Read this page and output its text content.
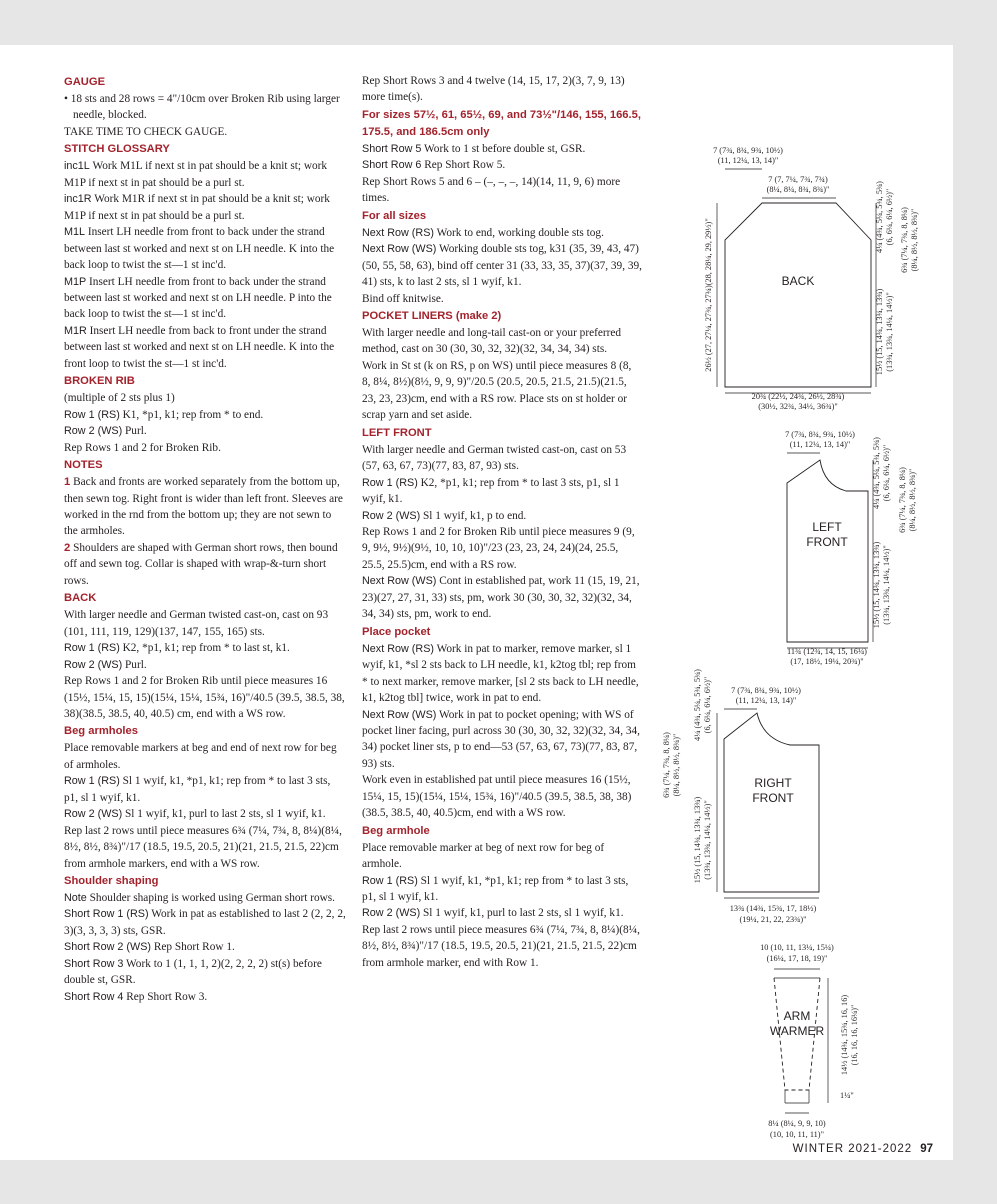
GAUGE

• 18 sts and 28 rows = 4"/10cm over Broken Rib using larger needle, blocked.

TAKE TIME TO CHECK GAUGE.

STITCH GLOSSARY

inc1L Work M1L if next st in pat should be a knit st; work M1P if next st in pat should be a purl st.

inc1R Work M1R if next st in pat should be a knit st; work M1P if next st in pat should be a purl st.

M1L Insert LH needle from front to back under the strand between last st worked and next st on LH needle. K into the back loop to twist the st—1 st inc'd.

M1P Insert LH needle from front to back under the strand between last st worked and next st on LH needle. P into the back loop to twist the st—1 st inc'd.

M1R Insert LH needle from back to front under the strand between last st worked and next st on LH needle. K into the front loop to twist the st—1 st inc'd.

BROKEN RIB

(multiple of 2 sts plus 1)

Row 1 (RS) K1, *p1, k1; rep from * to end.

Row 2 (WS) Purl.

Rep Rows 1 and 2 for Broken Rib.

NOTES

1 Back and fronts are worked separately from the bottom up, then sewn tog. Right front is wider than left front. Sleeves are worked in the rnd from the bottom up; they are not sewn to the armholes.

2 Shoulders are shaped with German short rows, then bound off and sewn tog. Collar is shaped with wrap-&-turn short rows.

BACK

With larger needle and German twisted cast-on, cast on 93 (101, 111, 119, 129)(137, 147, 155, 165) sts.

Row 1 (RS) K2, *p1, k1; rep from * to last st, k1.

Row 2 (WS) Purl.

Rep Rows 1 and 2 for Broken Rib until piece measures 16 (15½, 15¼, 15, 15)(15¼, 15¼, 15¾, 16)"/40.5 (39.5, 38.5, 38, 38)(38.5, 38.5, 40, 40.5) cm, end with a WS row.

Beg armholes

Place removable markers at beg and end of next row for beg of armholes.

Row 1 (RS) Sl 1 wyif, k1, *p1, k1; rep from * to last 3 sts, p1, sl 1 wyif, k1.

Row 2 (WS) Sl 1 wyif, k1, purl to last 2 sts, sl 1 wyif, k1.

Rep last 2 rows until piece measures 6¾ (7¼, 7¾, 8, 8¼)(8¼, 8½, 8½, 8¾)"/17 (18.5, 19.5, 20.5, 21)(21, 21.5, 21.5, 22)cm from armhole markers, end with a WS row.

Shoulder shaping

Note Shoulder shaping is worked using German short rows.

Short Row 1 (RS) Work in pat as established to last 2 (2, 2, 2, 3)(3, 3, 3, 3) sts, GSR.

Short Row 2 (WS) Rep Short Row 1.

Short Row 3 Work to 1 (1, 1, 1, 2)(2, 2, 2, 2) st(s) before double st, GSR.

Short Row 4 Rep Short Row 3.

Rep Short Rows 3 and 4 twelve (14, 15, 17, 2)(3, 7, 9, 13) more time(s).

For sizes 57½, 61, 65½, 69, and 73½"/146, 155, 166.5, 175.5, and 186.5cm only

Short Row 5 Work to 1 st before double st, GSR.

Short Row 6 Rep Short Row 5.

Rep Short Rows 5 and 6 – (–, –, –, 14)(14, 11, 9, 6) more times.

For all sizes

Next Row (RS) Work to end, working double sts tog.

Next Row (WS) Working double sts tog, k31 (35, 39, 43, 47)(50, 55, 58, 63), bind off center 31 (33, 33, 35, 37)(37, 39, 39, 41) sts, k to last 2 sts, sl 1 wyif, k1.

Bind off knitwise.

POCKET LINERS (make 2)

With larger needle and long-tail cast-on or your preferred method, cast on 30 (30, 30, 32, 32)(32, 34, 34, 34) sts.

Work in St st (k on RS, p on WS) until piece measures 8 (8, 8, 8¼, 8½)(8½, 9, 9, 9)"/20.5 (20.5, 20.5, 21.5, 21.5)(21.5, 23, 23, 23)cm, end with a RS row. Place sts on st holder or scrap yarn and set aside.

LEFT FRONT

With larger needle and German twisted cast-on, cast on 53 (57, 63, 67, 73)(77, 83, 87, 93) sts.

Row 1 (RS) K2, *p1, k1; rep from * to last 3 sts, p1, sl 1 wyif, k1.

Row 2 (WS) Sl 1 wyif, k1, p to end.

Rep Rows 1 and 2 for Broken Rib until piece measures 9 (9, 9, 9½, 9½)(9½, 10, 10, 10)"/23 (23, 23, 24, 24)(24, 25.5, 25.5, 25.5)cm, end with a RS row.

Next Row (WS) Cont in established pat, work 11 (15, 19, 21, 23)(27, 27, 31, 33) sts, pm, work 30 (30, 30, 32, 32)(32, 34, 34, 34) sts, pm, work to end.

Place pocket

Next Row (RS) Work in pat to marker, remove marker, sl 1 wyif, k1, *sl 2 sts back to LH needle, k1, k2tog tbl; rep from * to next marker, remove marker, [sl 2 sts back to LH needle, k1, k2tog tbl] twice, work in pat to end.

Next Row (WS) Work in pat to pocket opening; with WS of pocket liner facing, purl across 30 (30, 30, 32, 32)(32, 34, 34, 34) pocket liner sts, p to end—53 (57, 63, 67, 73)(77, 83, 87, 93) sts.

Work even in established pat until piece measures 16 (15½, 15¼, 15, 15)(15¼, 15¼, 15¾, 16)"/40.5 (39.5, 38.5, 38, 38)(38.5, 38.5, 40, 40.5)cm, end with a WS row.

Beg armhole

Place removable marker at beg of next row for beg of armhole.

Row 1 (RS) Sl 1 wyif, k1, *p1, k1; rep from * to last 3 sts, p1, sl 1 wyif, k1.

Row 2 (WS) Sl 1 wyif, k1, purl to last 2 sts, sl 1 wyif, k1.

Rep last 2 rows until piece measures 6¾ (7¼, 7¾, 8, 8¼)(8¼, 8½, 8½, 8¾)"/17 (18.5, 19.5, 20.5, 21)(21, 21.5, 21.5, 22)cm from armhole marker, end with Row 1.

BACK
7 (7¾, 8¾, 9¾, 10½)
(11, 12¼, 13, 14)"
7 (7, 7¼, 7¾, 7¾)
(8¼, 8¼, 8¾, 8¾)"
26½ (27, 27¼, 27¾, 27¾)(28, 28¼, 29, 29½)"
4¼ (4¾, 5¼, 5¾, 5¾) (6, 6¼, 6¼, 6½)" 6¾ (7¼, 7¾, 8, 8¼) (8¼, 8½, 8½, 8¾)"
15½ (15, 14¾, 13¾, 13¾) (13¾, 13¾, 14¼, 14½)"
20¾ (22½, 24¾, 26½, 28¾)
(30½, 32¾, 34½, 36¾)"
LEFT
FRONT
7 (7¾, 8¾, 9¾, 10½)
(11, 12¼, 13, 14)"	4¼ (4¾, 5¼, 5¾, 5¾) (6, 6¼, 6¼, 6½)" 6¾ (7¼, 7¾, 8, 8¼) (8¼, 8½, 8½, 8¾)"
15½ (15, 14¾, 13¾, 13¾) (13¾, 13¾, 14¼, 14½)"
11¾ (12¾, 14, 15, 16¼)
(17, 18½, 19¼, 20¾)"
RIGHT
FRONT
7 (7¾, 8¾, 9¾, 10½)
(11, 12¼, 13, 14)"
4¼ (4¾, 5¼, 5¾, 5¾) (6, 6¼, 6¼, 6½)"
6¾ (7¼, 7¾, 8, 8¼) (8¼, 8½, 8½, 8¾)"
15½ (15, 14¾, 13¾, 13¾) (13¾, 13¾, 14¼, 14½)"
13¾ (14¾, 15¾, 17, 18½)
(19¼, 21, 22, 23¾)"
ARM
WARMER
10 (10, 11, 13¼, 15¼)
(16¼, 17, 18, 19)"
14½ (14¾, 15¾, 16, 16) (16, 16, 16, 16¼)"
1¼"
8¼ (8¼, 9, 9, 10)
(10, 10, 11, 11)"
WINTER 2021-2022 97
